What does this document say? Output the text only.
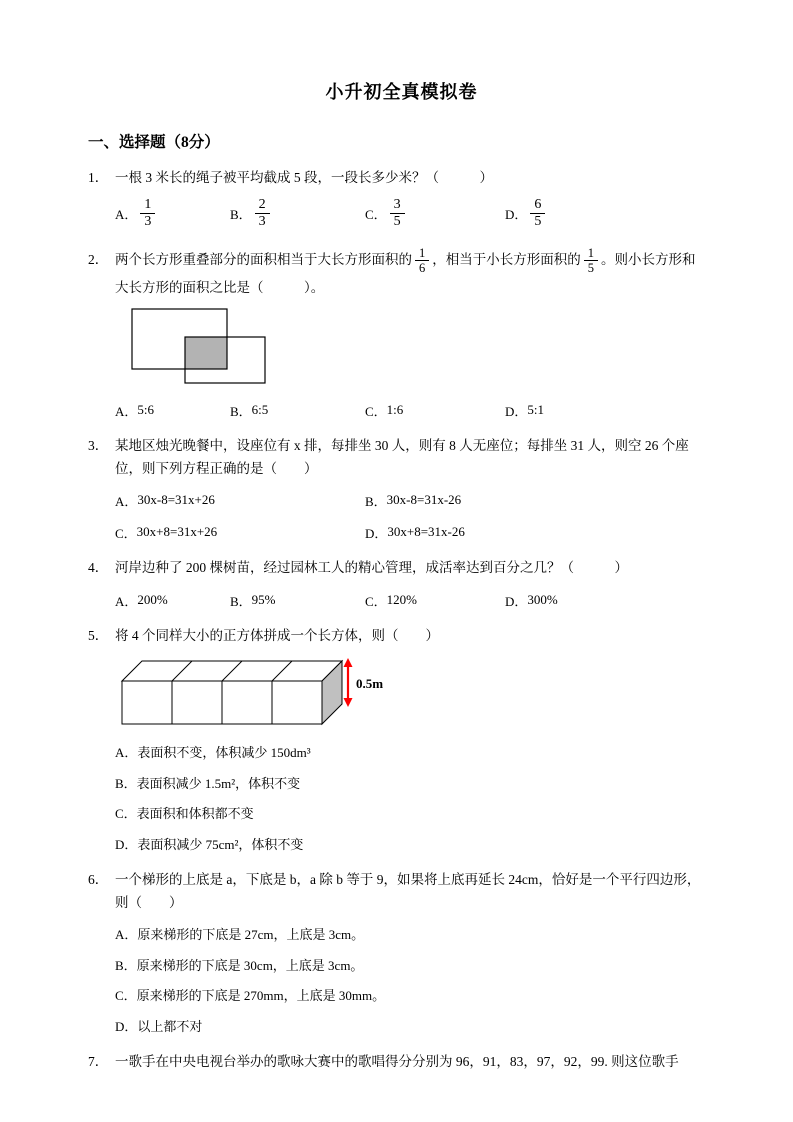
小升初全真模拟卷
一、选择题（8分）
1． 一根 3 米长的绳子被平均截成 5 段，一段长多少米？（　　　）
A． $\frac{1}{3}$	B． $\frac{2}{3}$	C． $\frac{3}{5}$	D． $\frac{6}{5}$
2． 两个长方形重叠部分的面积相当于大长方形面积的 $\frac{1}{6}$ ，相当于小长方形面积的 $\frac{1}{5}$ 。则小长方形和
大长方形的面积之比是（　　　）。
A． 5:6	B． 6:5	C． 1:6	D． 5:1
3． 某地区烛光晚餐中，设座位有 x 排，每排坐 30 人，则有 8 人无座位；每排坐 31 人，则空 26 个座
位，则下列方程正确的是（　　）
A． 30x-8=31x+26	B． 30x-8=31x-26
C． 30x+8=31x+26	D． 30x+8=31x-26
4． 河岸边种了 200 棵树苗，经过园林工人的精心管理，成活率达到百分之几？（　　　）
A． 200%	B． 95%	C． 120%	D． 300%
5． 将 4 个同样大小的正方体拼成一个长方体，则（　　）
0.5m
A．表面积不变，体积减少 150dm³
B．表面积减少 1.5m²，体积不变
C．表面积和体积都不变
D．表面积减少 75cm²，体积不变
6． 一个梯形的上底是 a，下底是 b，a 除 b 等于 9，如果将上底再延长 24cm，恰好是一个平行四边形，
则（　　）
A．原来梯形的下底是 27cm，上底是 3cm。
B．原来梯形的下底是 30cm，上底是 3cm。
C．原来梯形的下底是 270mm，上底是 30mm。
D．以上都不对
7． 一歌手在中央电视台举办的歌咏大赛中的歌唱得分分别为 96，91，83，97，92，99. 则这位歌手
